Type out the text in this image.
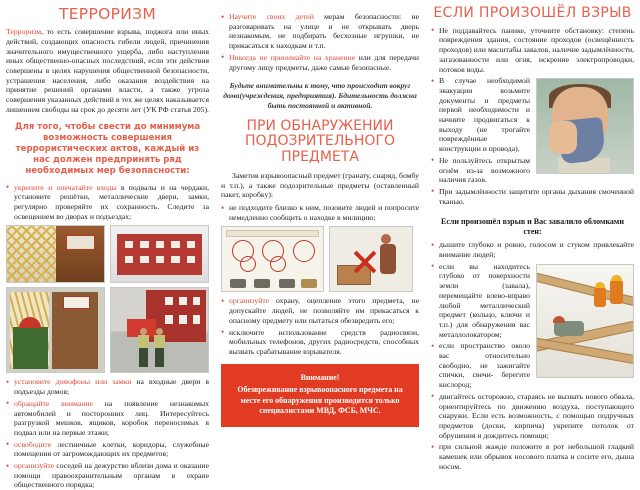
ТЕРРОРИЗМ

Терроризм, то есть совершение взрыва, поджога или иных действий, создающих опасность гибели людей, причинения значительного имущественного ущерба, либо наступления иных общественно-опасных последствий, если эти действия совершены в целях нарушения общественной безопасности, устрашения населения, либо оказания воздействия на принятие решений органами власти, а также угроза совершения указанных действий в тех же целях наказывается лишением свободы на срок до десяти лет (УК РФ статья 205).

Для того, чтобы свести до минимума возможность совершения террористических актов, каждый из нас должен предпринять ряд необходимых мер безопасности:
• укрепите и опечатайте входы в подвалы и на чердаки, установите решётки, металлические двери, замки, регулярно проверяйте их сохранность. Следите за освещением во дворах и подъездах;
• установите домофоны или замки на входные двери в подъезды домов;
• обращайте внимание на появление незнакомых автомобилей и посторонних лиц. Интересуйтесь разгрузкой мешков, ящиков, коробок переносимых в подвал или на первые этажи;
• освободите лестничные клетки, коридоры, служебные помещения от загромождающих их предметов;
• организуйте соседей на дежурство вблизи дома и оказание помощи правоохранительным органам в охране общественного порядка;
• Научите своих детей мерам безопасности: не разговаривать на улице и не открывать дверь незнакомым, не подбирать бесхозные игрушки, не прикасаться к находкам и т.п.
• Никогда не принимайте на хранение или для передачи другому лицу предметы, даже самые безопасные.
Будьте внимательны к тому, что происходит вокруг дома(учреждения, предприятия). Бдительность должна быть постоянной и активной.
ПРИ ОБНАРУЖЕНИИ ПОДОЗРИТЕЛЬНОГО ПРЕДМЕТА

Заметив взрывоопасный предмет (гранату, снаряд, бомбу и т.п.), а также подозрительные предметы (оставленный пакет, коробку):

• не подходите близко к ним, позовите людей и попросите немедленно сообщить о находке в милицию;
• организуйте охрану, оцепление этого предмета, не допускайте людей, не позволяйте им прикасаться к опасному предмету или пытаться обезвредить его;
• исключите использование средств радиосвязи, мобильных телефонов, других радиосредств, способных вызвать срабатывание взрывателя.
Внимание!
Обезвреживание взрывоопасного предмета на месте его обнаружения производится только специалистами МВД, ФСБ, МЧС.
ЕСЛИ ПРОИЗОШЁЛ ВЗРЫВ
• Не поддавайтесь панике, уточните обстановку: степень повреждения здания, состояние проходов (освещённость проходов) или масштабы завалов, наличие задымлённости, загазованности или огня, искрение электропроводки, потоков воды.
• В случае необходимой эвакуации возьмите документы и предметы первой необходимости и начните продвигаться к выходу (не трогайте повреждённые конструкции и провода).
• Не пользуйтесь открытым огнём из-за возможного наличия газов.
• При задымлённости защитите органы дыхания смоченной тканью.
Если произошёл взрыв и Вас завалило обломками стен:
• дышите глубоко и ровно, голосом и стуком привлекайте внимание людей;
• если вы находитесь глубоко от поверхности земли (завала), перемещайте влево-вправо любой металлический предмет (кольцо, ключи и т.п.) для обнаружения вас металлолокатором;
• если пространство около вас относительно свободно, не зажигайте спички, свечи- берегите кислород;
• двигайтесь осторожно, стараясь не вызвать нового обвала, ориентируйтесь по движению воздуха, поступающего снаружи. Если есть возможность, с помощью подручных предметов (доски, кирпича) укрепите потолок от обрушения и дождитесь помощи;
• при сильной жажде положите в рот небольшой гладкий камешек или обрывок носового платка и сосите его, дыша носом.
